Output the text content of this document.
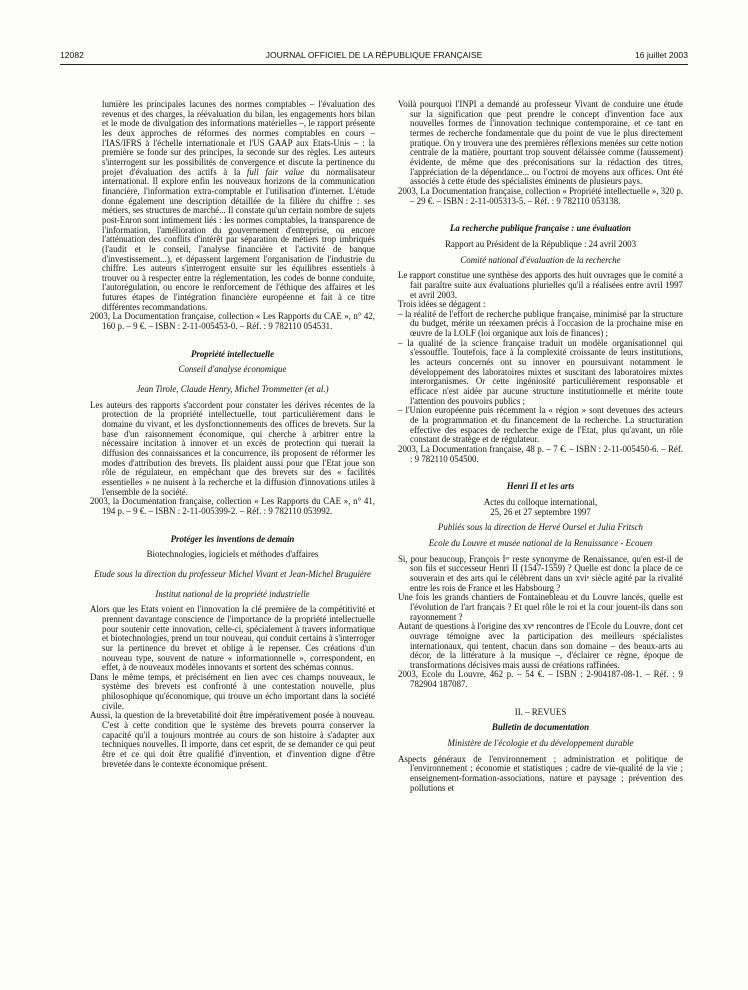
12082	JOURNAL OFFICIEL DE LA RÉPUBLIQUE FRANÇAISE	16 juillet 2003

lumière les principales lacunes des normes comptables – l'évaluation des revenus et des charges, la réévaluation du bilan, les engagements hors bilan et le mode de divulgation des informations matérielles –, le rapport présente les deux approches de réformes des normes comptables en cours – l'IAS/IFRS à l'échelle internationale et l'US GAAP aux Etats-Unis – : la première se fonde sur des principes, la seconde sur des règles. Les auteurs s'interrogent sur les possibilités de convergence et discute la pertinence du projet d'évaluation des actifs à la full fair value du normalisateur international. Il explore enfin les nouveaux horizons de la communication financière, l'information extra-comptable et l'utilisation d'internet. L'étude donne également une description détaillée de la filière du chiffre : ses métiers, ses structures de marché... Il constate qu'un certain nombre de sujets post-Enron sont intimement liés : les normes comptables, la transparence de l'information, l'amélioration du gouvernement d'entreprise, ou encore l'atténuation des conflits d'intérêt par séparation de métiers trop imbriqués (l'audit et le conseil, l'analyse financière et l'activité de banque d'investissement...), et dépassent largement l'organisation de l'industrie du chiffre. Les auteurs s'interrogent ensuite sur les équilibres essentiels à trouver ou à respecter entre la réglementation, les codes de bonne conduite, l'autorégulation, ou encore le renforcement de l'éthique des affaires et les futures étapes de l'intégration financière européenne et fait à ce titre différentes recommandations.

2003, La Documentation française, collection « Les Rapports du CAE », n° 42, 160 p. – 9 €. – ISBN : 2-11-005453-0. – Réf. : 9 782110 054531.

Propriété intellectuelle

Conseil d'analyse économique

Jean Tirole, Claude Henry, Michel Trommetter (et al.)

Les auteurs des rapports s'accordent pour constater les dérives récentes de la protection de la propriété intellectuelle, tout particulièrement dans le domaine du vivant, et les dysfonctionnements des offices de brevets. Sur la base d'un raisonnement économique, qui cherche à arbitrer entre la nécessaire incitation à innover et un excès de protection qui tuerait la diffusion des connaissances et la concurrence, ils proposent de réformer les modes d'attribution des brevets. Ils plaident aussi pour que l'Etat joue son rôle de régulateur, en empêchant que des brevets sur des « facilités essentielles » ne nuisent à la recherche et la diffusion d'innovations utiles à l'ensemble de la société.

2003, la Documentation française, collection « Les Rapports du CAE », n° 41, 194 p. – 9 €. – ISBN : 2-11-005399-2. – Réf. : 9 782110 053992.

Protéger les inventions de demain

Biotechnologies, logiciels et méthodes d'affaires

Etude sous la direction du professeur Michel Vivant et Jean-Michel Bruguière

Institut national de la propriété industrielle

Alors que les Etats voient en l'innovation la clé première de la compétitivité et prennent davantage conscience de l'importance de la propriété intellectuelle pour soutenir cette innovation, celle-ci, spécialement à travers informatique et biotechnologies, prend un tour nouveau, qui conduit certains à s'interroger sur la pertinence du brevet et oblige à le repenser. Ces créations d'un nouveau type, souvent de nature « informationnelle », correspondent, en effet, à de nouveaux modèles innovants et sortent des schémas connus.

Dans le même temps, et précisément en lien avec ces champs nouveaux, le système des brevets est confronté à une contestation nouvelle, plus philosophique qu'économique, qui trouve un écho important dans la société civile.

Aussi, la question de la brevetabilité doit être impérativement posée à nouveau. C'est à cette condition que le système des brevets pourra conserver la capacité qu'il a toujours montrée au cours de son histoire à s'adapter aux techniques nouvelles. Il importe, dans cet esprit, de se demander ce qui peut être et ce qui doit être qualifié d'invention, et d'invention digne d'être brevetée dans le contexte économique présent.

Voilà pourquoi l'INPI a demandé au professeur Vivant de conduire une étude sur la signification que peut prendre le concept d'invention face aux nouvelles formes de l'innovation technique contemporaine, et ce tant en termes de recherche fondamentale que du point de vue le plus directement pratique. On y trouvera une des premières réflexions menées sur cette notion centrale de la matière, pourtant trop souvent délaissée comme (faussement) évidente, de même que des préconisations sur la rédaction des titres, l'appréciation de la dépendance... ou l'octroi de moyens aux offices. Ont été associés à cette étude des spécialistes éminents de plusieurs pays.

2003, La Documentation française, collection « Propriété intellectuelle », 320 p. – 29 €. – ISBN : 2-11-005313-5. – Réf. : 9 782110 053138.

La recherche publique française : une évaluation

Rapport au Président de la République : 24 avril 2003

Comité national d'évaluation de la recherche

Le rapport constitue une synthèse des apports des huit ouvrages que le comité a fait paraître suite aux évaluations plurielles qu'il a réalisées entre avril 1997 et avril 2003.

Trois idées se dégagent :

– la réalité de l'effort de recherche publique française, minimisé par la structure du budget, mérite un réexamen précis à l'occasion de la prochaine mise en œuvre de la LOLF (loi organique aux lois de finances) ;

– la qualité de la science française traduit un modèle organisationnel qui s'essouffle. Toutefois, face à la complexité croissante de leurs institutions, les acteurs concernés ont su innover en poursuivant notamment le développement des laboratoires mixtes et suscitant des laboratoires mixtes interorganismes. Or cette ingéniosité particulièrement responsable et efficace n'est aidée par aucune structure institutionnelle et mérite toute l'attention des pouvoirs publics ;

– l'Union européenne puis récemment la « région » sont devenues des acteurs de la programmation et du financement de la recherche. La structuration effective des espaces de recherche exige de l'Etat, plus qu'avant, un rôle constant de stratège et de régulateur.

2003, La Documentation française, 48 p. – 7 €. – ISBN : 2-11-005450-6. – Réf. : 9 782110 054500.

Henri II et les arts

Actes du colloque international,

25, 26 et 27 septembre 1997

Publiés sous la direction de Hervé Oursel et Julia Fritsch

Ecole du Louvre et musée national de la Renaissance - Ecouen

Si, pour beaucoup, François Iᵉʳ reste synonyme de Renaissance, qu'en est-il de son fils et successeur Henri II (1547-1559) ? Quelle est donc la place de ce souverain et des arts qui le célèbrent dans un xviᵉ siècle agité par la rivalité entre les rois de France et les Habsbourg ?

Une fois les grands chantiers de Fontainebleau et du Louvre lancés, quelle est l'évolution de l'art français ? Et quel rôle le roi et la cour jouent-ils dans son rayonnement ?

Autant de questions à l'origine des xvᵉ rencontres de l'Ecole du Louvre, dont cet ouvrage témoigne avec la participation des meilleurs spécialistes internationaux, qui tentent, chacun dans son domaine – des beaux-arts au décor, de la littérature à la musique –, d'éclairer ce règne, époque de transformations décisives mais aussi de créations raffinées.

2003, Ecole du Louvre, 462 p. – 54 €. – ISBN : 2-904187-08-1. – Réf. : 9 782904 187087.

II. – REVUES

Bulletin de documentation

Ministère de l'écologie et du développement durable

Aspects généraux de l'environnement ; administration et politique de l'environnement ; économie et statistiques ; cadre de vie-qualité de la vie ; enseignement-formation-associations, nature et paysage ; prévention des pollutions et
